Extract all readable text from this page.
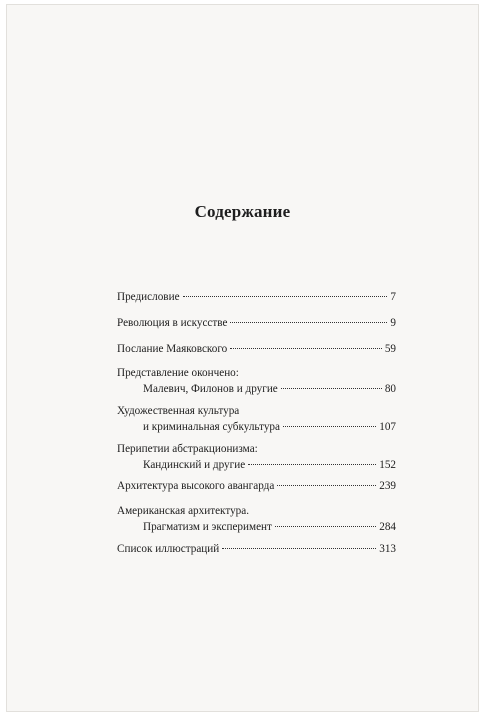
Содержание
Предисловие	7
Революция в искусстве	9
Послание Маяковского	59
Представление окончено:
Малевич, Филонов и другие	80
Художественная культура
и криминальная субкультура	107
Перипетии абстракционизма:
Кандинский и другие	152
Архитектура высокого авангарда	239
Американская архитектура.
Прагматизм и эксперимент	284
Список иллюстраций	313
